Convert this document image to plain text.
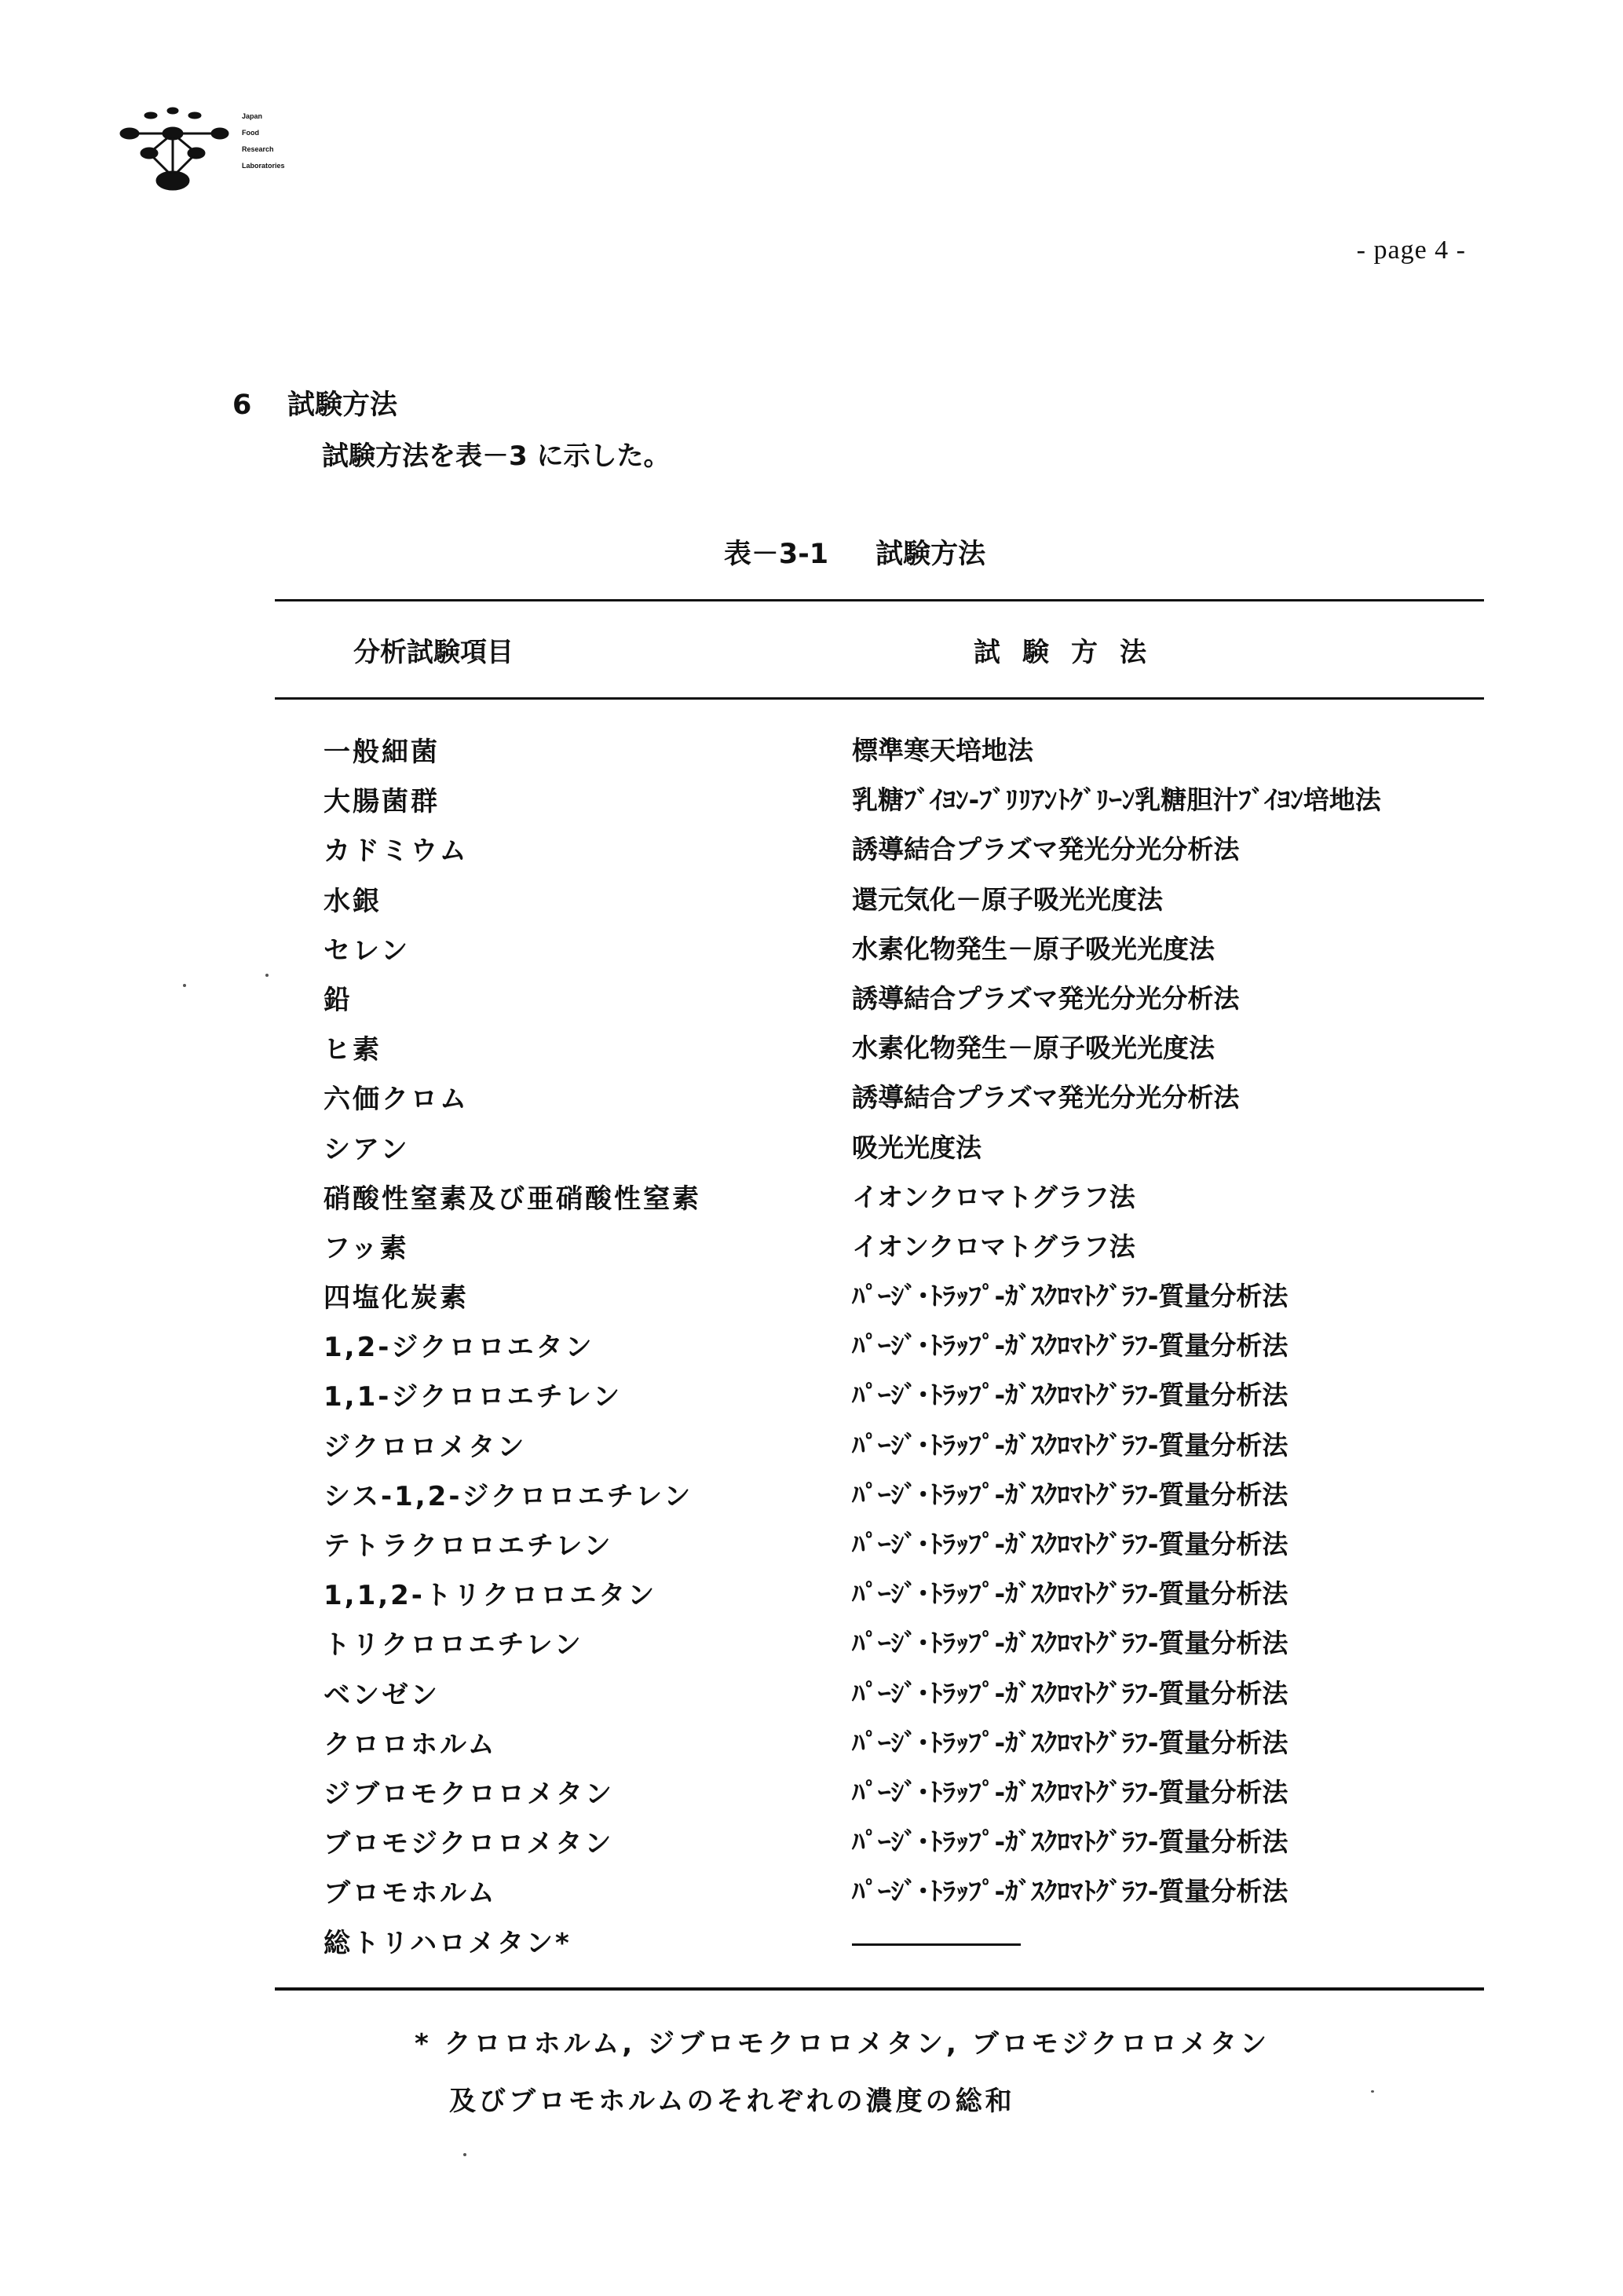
Japan
Food
Research
Laboratories
- page 4 -
6 試験方法
試験方法を表－3 に示した。
表－3-1 試験方法
分析試験項目	試験方法
一般細菌	標準寒天培地法
大腸菌群	乳糖ﾌﾞｲﾖﾝ-ﾌﾞﾘﾘｱﾝﾄｸﾞﾘｰﾝ乳糖胆汁ﾌﾞｲﾖﾝ培地法
カドミウム	誘導結合プラズマ発光分光分析法
水銀	還元気化－原子吸光光度法
セレン	水素化物発生－原子吸光光度法
鉛	誘導結合プラズマ発光分光分析法
ヒ素	水素化物発生－原子吸光光度法
六価クロム	誘導結合プラズマ発光分光分析法
シアン	吸光光度法
硝酸性窒素及び亜硝酸性窒素	イオンクロマトグラフ法
フッ素	イオンクロマトグラフ法
四塩化炭素	ﾊﾟｰｼﾞ･ﾄﾗｯﾌﾟ-ｶﾞｽｸﾛﾏﾄｸﾞﾗﾌ-質量分析法
1,2-ジクロロエタン	ﾊﾟｰｼﾞ･ﾄﾗｯﾌﾟ-ｶﾞｽｸﾛﾏﾄｸﾞﾗﾌ-質量分析法
1,1-ジクロロエチレン	ﾊﾟｰｼﾞ･ﾄﾗｯﾌﾟ-ｶﾞｽｸﾛﾏﾄｸﾞﾗﾌ-質量分析法
ジクロロメタン	ﾊﾟｰｼﾞ･ﾄﾗｯﾌﾟ-ｶﾞｽｸﾛﾏﾄｸﾞﾗﾌ-質量分析法
シス-1,2-ジクロロエチレン	ﾊﾟｰｼﾞ･ﾄﾗｯﾌﾟ-ｶﾞｽｸﾛﾏﾄｸﾞﾗﾌ-質量分析法
テトラクロロエチレン	ﾊﾟｰｼﾞ･ﾄﾗｯﾌﾟ-ｶﾞｽｸﾛﾏﾄｸﾞﾗﾌ-質量分析法
1,1,2-トリクロロエタン	ﾊﾟｰｼﾞ･ﾄﾗｯﾌﾟ-ｶﾞｽｸﾛﾏﾄｸﾞﾗﾌ-質量分析法
トリクロロエチレン	ﾊﾟｰｼﾞ･ﾄﾗｯﾌﾟ-ｶﾞｽｸﾛﾏﾄｸﾞﾗﾌ-質量分析法
ベンゼン	ﾊﾟｰｼﾞ･ﾄﾗｯﾌﾟ-ｶﾞｽｸﾛﾏﾄｸﾞﾗﾌ-質量分析法
クロロホルム	ﾊﾟｰｼﾞ･ﾄﾗｯﾌﾟ-ｶﾞｽｸﾛﾏﾄｸﾞﾗﾌ-質量分析法
ジブロモクロロメタン	ﾊﾟｰｼﾞ･ﾄﾗｯﾌﾟ-ｶﾞｽｸﾛﾏﾄｸﾞﾗﾌ-質量分析法
ブロモジクロロメタン	ﾊﾟｰｼﾞ･ﾄﾗｯﾌﾟ-ｶﾞｽｸﾛﾏﾄｸﾞﾗﾌ-質量分析法
ブロモホルム	ﾊﾟｰｼﾞ･ﾄﾗｯﾌﾟ-ｶﾞｽｸﾛﾏﾄｸﾞﾗﾌ-質量分析法
総トリハロメタン*
* クロロホルム, ジブロモクロロメタン, ブロモジクロロメタン
及びブロモホルムのそれぞれの濃度の総和
